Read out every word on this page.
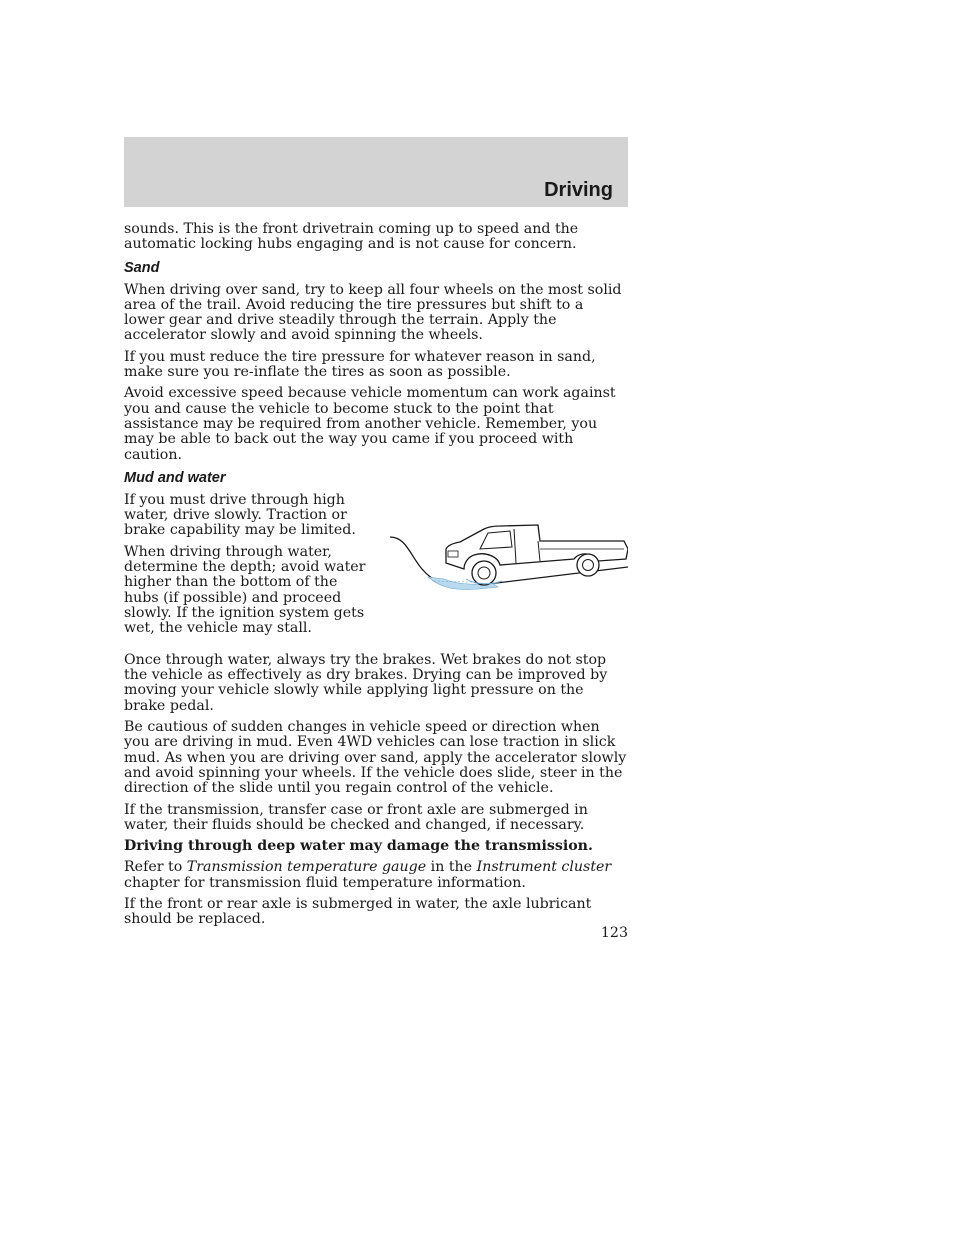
Driving

sounds. This is the front drivetrain coming up to speed and the automatic locking hubs engaging and is not cause for concern.

Sand

When driving over sand, try to keep all four wheels on the most solid area of the trail. Avoid reducing the tire pressures but shift to a lower gear and drive steadily through the terrain. Apply the accelerator slowly and avoid spinning the wheels.

If you must reduce the tire pressure for whatever reason in sand, make sure you re-inflate the tires as soon as possible.

Avoid excessive speed because vehicle momentum can work against you and cause the vehicle to become stuck to the point that assistance may be required from another vehicle. Remember, you may be able to back out the way you came if you proceed with caution.

Mud and water

If you must drive through high water, drive slowly. Traction or brake capability may be limited.

When driving through water, determine the depth; avoid water higher than the bottom of the hubs (if possible) and proceed slowly. If the ignition system gets wet, the vehicle may stall.

Once through water, always try the brakes. Wet brakes do not stop the vehicle as effectively as dry brakes. Drying can be improved by moving your vehicle slowly while applying light pressure on the brake pedal.

Be cautious of sudden changes in vehicle speed or direction when you are driving in mud. Even 4WD vehicles can lose traction in slick mud. As when you are driving over sand, apply the accelerator slowly and avoid spinning your wheels. If the vehicle does slide, steer in the direction of the slide until you regain control of the vehicle.

If the transmission, transfer case or front axle are submerged in water, their fluids should be checked and changed, if necessary.

Driving through deep water may damage the transmission.

Refer to Transmission temperature gauge in the Instrument cluster chapter for transmission fluid temperature information.

If the front or rear axle is submerged in water, the axle lubricant should be replaced.

123
